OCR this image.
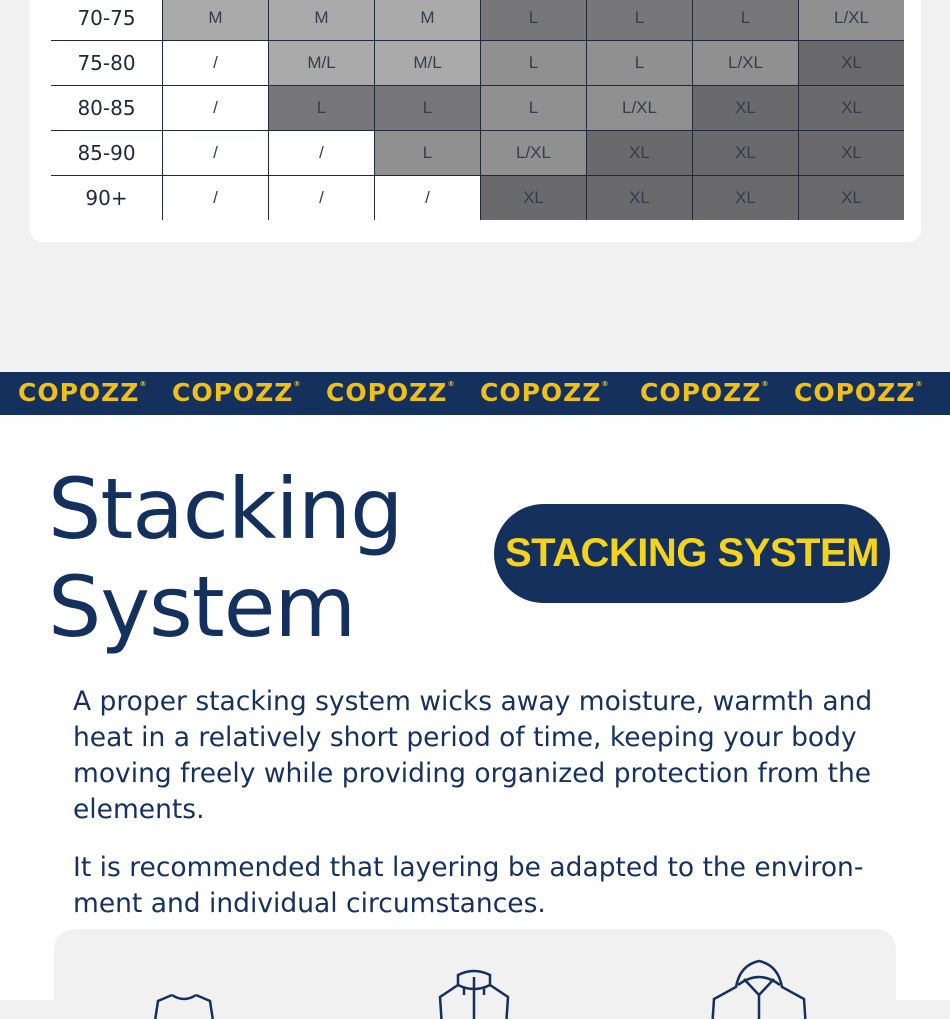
70-75	M	M	M	L	L	L	L/XL
75-80	/	M/L	M/L	L	L	L/XL	XL
80-85	/	L	L	L	L/XL	XL	XL
85-90	/	/	L	L/XL	XL	XL	XL
90+	/	/	/	XL	XL	XL	XL
COPOZZ® COPOZZ® COPOZZ® COPOZZ® COPOZZ® COPOZZ®
Stacking
System
STACKING SYSTEM

A proper stacking system wicks away moisture, warmth and heat in a relatively short period of time, keeping your body moving freely while providing organized protection from the elements.

It is recommended that layering be adapted to the environ-
ment and individual circumstances.
